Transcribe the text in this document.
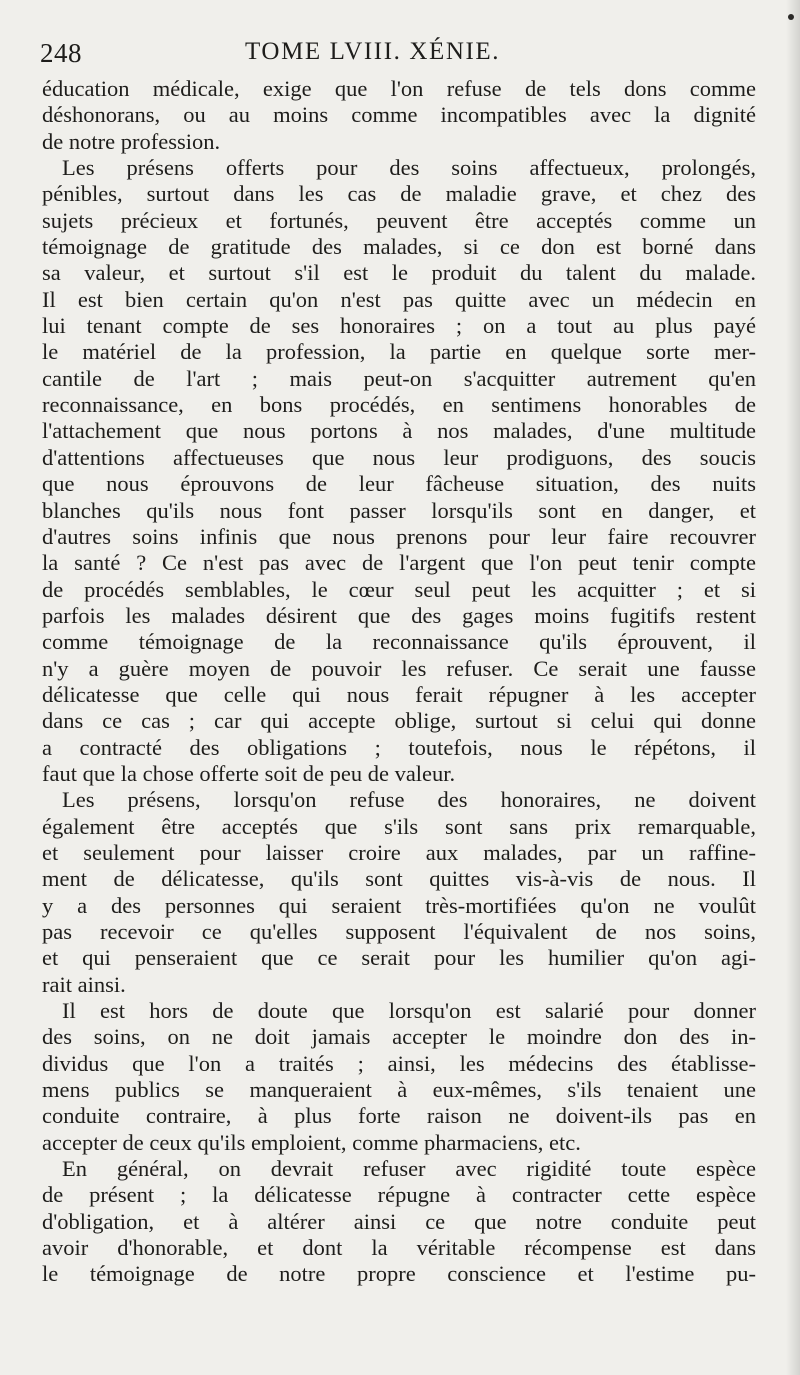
248	TOME LVIII. XÉNIE.
éducation médicale, exige que l'on refuse de tels dons comme
déshonorans, ou au moins comme incompatibles avec la dignité
de notre profession.
Les présens offerts pour des soins affectueux, prolongés,
pénibles, surtout dans les cas de maladie grave, et chez des
sujets précieux et fortunés, peuvent être acceptés comme un
témoignage de gratitude des malades, si ce don est borné dans
sa valeur, et surtout s'il est le produit du talent du malade.
Il est bien certain qu'on n'est pas quitte avec un médecin en
lui tenant compte de ses honoraires ; on a tout au plus payé
le matériel de la profession, la partie en quelque sorte mer-
cantile de l'art ; mais peut-on s'acquitter autrement qu'en
reconnaissance, en bons procédés, en sentimens honorables de
l'attachement que nous portons à nos malades, d'une multitude
d'attentions affectueuses que nous leur prodiguons, des soucis
que nous éprouvons de leur fâcheuse situation, des nuits
blanches qu'ils nous font passer lorsqu'ils sont en danger, et
d'autres soins infinis que nous prenons pour leur faire recouvrer
la santé ? Ce n'est pas avec de l'argent que l'on peut tenir compte
de procédés semblables, le cœur seul peut les acquitter ; et si
parfois les malades désirent que des gages moins fugitifs restent
comme témoignage de la reconnaissance qu'ils éprouvent, il
n'y a guère moyen de pouvoir les refuser. Ce serait une fausse
délicatesse que celle qui nous ferait répugner à les accepter
dans ce cas ; car qui accepte oblige, surtout si celui qui donne
a contracté des obligations ; toutefois, nous le répétons, il
faut que la chose offerte soit de peu de valeur.
Les présens, lorsqu'on refuse des honoraires, ne doivent
également être acceptés que s'ils sont sans prix remarquable,
et seulement pour laisser croire aux malades, par un raffine-
ment de délicatesse, qu'ils sont quittes vis-à-vis de nous. Il
y a des personnes qui seraient très-mortifiées qu'on ne voulût
pas recevoir ce qu'elles supposent l'équivalent de nos soins,
et qui penseraient que ce serait pour les humilier qu'on agi-
rait ainsi.
Il est hors de doute que lorsqu'on est salarié pour donner
des soins, on ne doit jamais accepter le moindre don des in-
dividus que l'on a traités ; ainsi, les médecins des établisse-
mens publics se manqueraient à eux-mêmes, s'ils tenaient une
conduite contraire, à plus forte raison ne doivent-ils pas en
accepter de ceux qu'ils emploient, comme pharmaciens, etc.
En général, on devrait refuser avec rigidité toute espèce
de présent ; la délicatesse répugne à contracter cette espèce
d'obligation, et à altérer ainsi ce que notre conduite peut
avoir d'honorable, et dont la véritable récompense est dans
le témoignage de notre propre conscience et l'estime pu-
